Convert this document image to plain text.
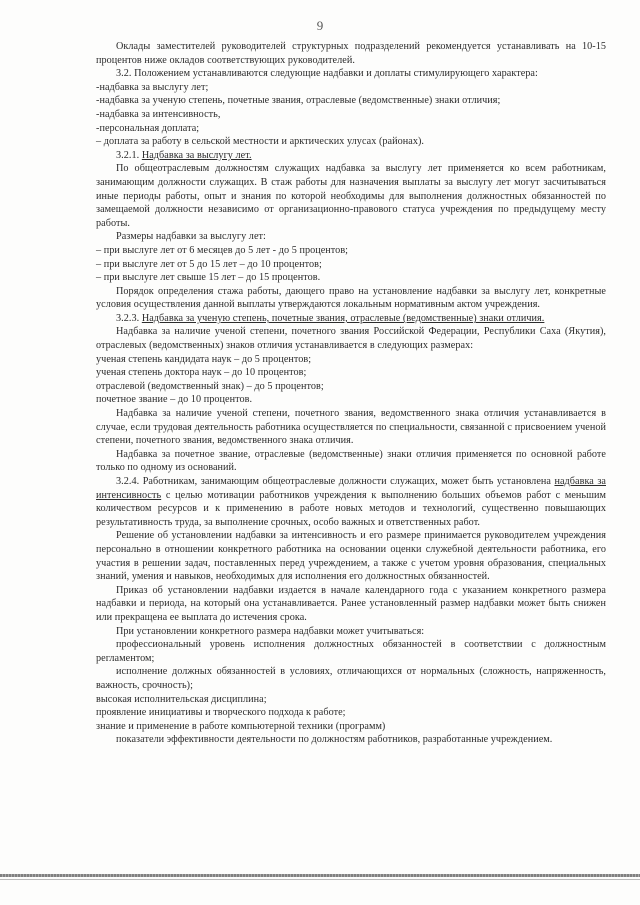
9

Оклады заместителей руководителей структурных подразделений рекомендуется устанавливать на 10-15 процентов ниже окладов соответствующих руководителей.

3.2. Положением устанавливаются следующие надбавки и доплаты стимулирующего характера:

-надбавка за выслугу лет;

-надбавка за ученую степень, почетные звания, отраслевые (ведомственные) знаки отличия;

-надбавка за интенсивность,

-персональная доплата;

– доплата за работу в сельской местности и арктических улусах (районах).

3.2.1. Надбавка за выслугу лет.

По общеотраслевым должностям служащих надбавка за выслугу лет применяется ко всем работникам, занимающим должности служащих. В стаж работы для назначения выплаты за выслугу лет могут засчитываться иные периоды работы, опыт и знания по которой необходимы для выполнения должностных обязанностей по замещаемой должности независимо от организационно-правового статуса учреждения по предыдущему месту работы.

Размеры надбавки за выслугу лет:

– при выслуге лет от 6 месяцев до 5 лет - до 5 процентов;

– при выслуге лет от 5 до 15 лет – до 10 процентов;

– при выслуге лет свыше 15 лет – до 15 процентов.

Порядок определения стажа работы, дающего право на установление надбавки за выслугу лет, конкретные условия осуществления данной выплаты утверждаются локальным нормативным актом учреждения.

3.2.3. Надбавка за ученую степень, почетные звания, отраслевые (ведомственные) знаки отличия.

Надбавка за наличие ученой степени, почетного звания Российской Федерации, Республики Саха (Якутия), отраслевых (ведомственных) знаков отличия устанавливается в следующих размерах:

ученая степень кандидата наук – до 5 процентов;

ученая степень доктора наук – до 10 процентов;

отраслевой (ведомственный знак) – до 5 процентов;

почетное звание – до 10 процентов.

Надбавка за наличие ученой степени, почетного звания, ведомственного знака отличия устанавливается в случае, если трудовая деятельность работника осуществляется по специальности, связанной с присвоением ученой степени, почетного звания, ведомственного знака отличия.

Надбавка за почетное звание, отраслевые (ведомственные) знаки отличия применяется по основной работе только по одному из оснований.

3.2.4. Работникам, занимающим общеотраслевые должности служащих, может быть установлена надбавка за интенсивность с целью мотивации работников учреждения к выполнению больших объемов работ с меньшим количеством ресурсов и к применению в работе новых методов и технологий, существенно повышающих результативность труда, за выполнение срочных, особо важных и ответственных работ.

Решение об установлении надбавки за интенсивность и его размере принимается руководителем учреждения персонально в отношении конкретного работника на основании оценки служебной деятельности работника, его участия в решении задач, поставленных перед учреждением, а также с учетом уровня образования, специальных знаний, умения и навыков, необходимых для исполнения его должностных обязанностей.

Приказ об установлении надбавки издается в начале календарного года с указанием конкретного размера надбавки и периода, на который она устанавливается. Ранее установленный размер надбавки может быть снижен или прекращена ее выплата до истечения срока.

При установлении конкретного размера надбавки может учитываться:

профессиональный уровень исполнения должностных обязанностей в соответствии с должностным регламентом;

исполнение должных обязанностей в условиях, отличающихся от нормальных (сложность, напряженность, важность, срочность);

высокая исполнительская дисциплина;

проявление инициативы и творческого подхода к работе;

знание и применение в работе компьютерной техники (программ)

показатели эффективности деятельности по должностям работников, разработанные учреждением.
